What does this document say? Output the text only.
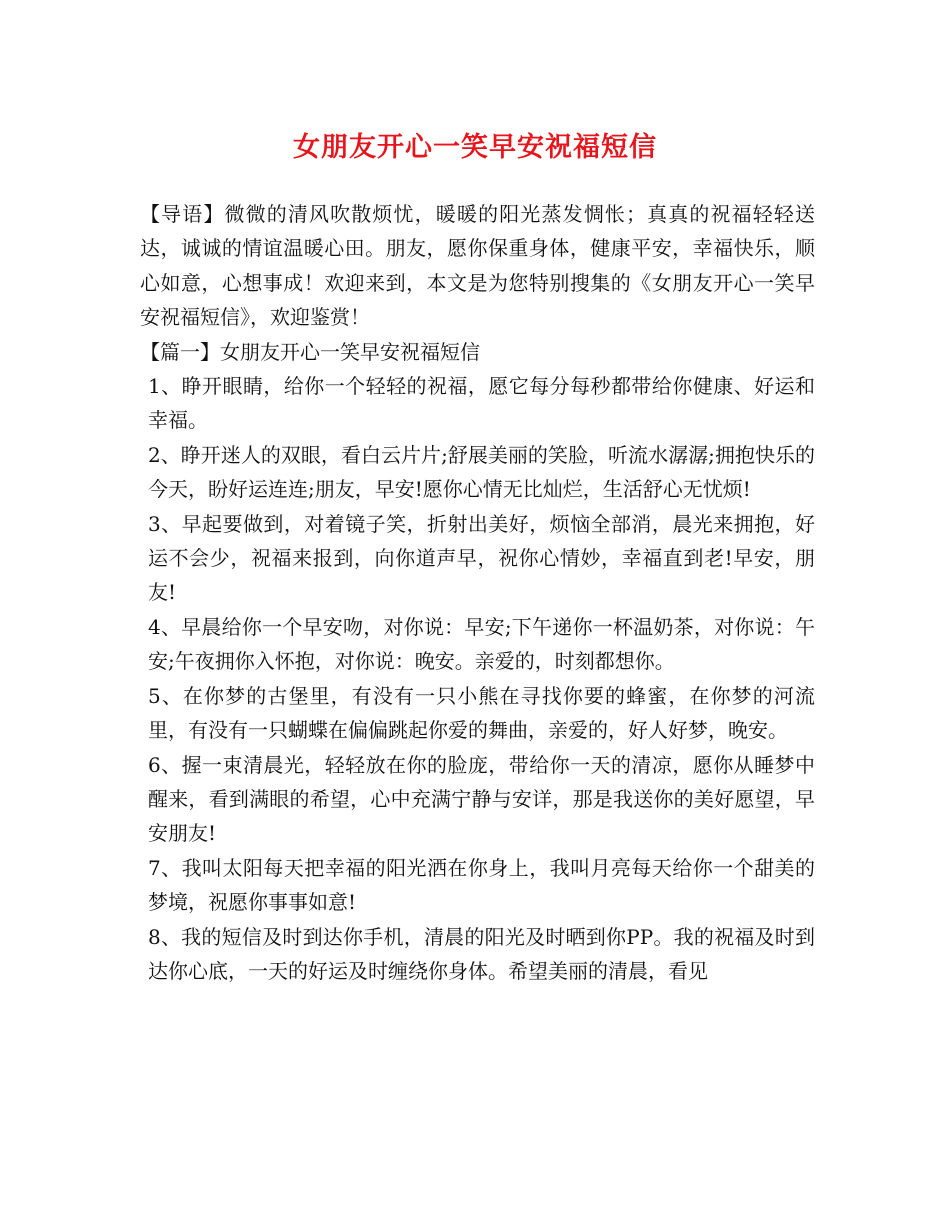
女朋友开心一笑早安祝福短信

【导语】微微的清风吹散烦忧，暖暖的阳光蒸发惆怅；真真的祝福轻轻送达，诚诚的情谊温暖心田。朋友，愿你保重身体，健康平安，幸福快乐，顺心如意，心想事成！欢迎来到，本文是为您特别搜集的《女朋友开心一笑早安祝福短信》，欢迎鉴赏！

【篇一】女朋友开心一笑早安祝福短信

1、睁开眼睛，给你一个轻轻的祝福，愿它每分每秒都带给你健康、好运和幸福。

2、睁开迷人的双眼，看白云片片;舒展美丽的笑脸，听流水潺潺;拥抱快乐的今天，盼好运连连;朋友，早安!愿你心情无比灿烂，生活舒心无忧烦!

3、早起要做到，对着镜子笑，折射出美好，烦恼全部消，晨光来拥抱，好运不会少，祝福来报到，向你道声早，祝你心情妙，幸福直到老!早安，朋友!

4、早晨给你一个早安吻，对你说：早安;下午递你一杯温奶茶，对你说：午安;午夜拥你入怀抱，对你说：晚安。亲爱的，时刻都想你。

5、在你梦的古堡里，有没有一只小熊在寻找你要的蜂蜜，在你梦的河流里，有没有一只蝴蝶在偏偏跳起你爱的舞曲，亲爱的，好人好梦，晚安。

6、握一束清晨光，轻轻放在你的脸庞，带给你一天的清凉，愿你从睡梦中醒来，看到满眼的希望，心中充满宁静与安详，那是我送你的美好愿望，早安朋友!

7、我叫太阳每天把幸福的阳光洒在你身上，我叫月亮每天给你一个甜美的梦境，祝愿你事事如意!

8、我的短信及时到达你手机，清晨的阳光及时晒到你PP。我的祝福及时到达你心底，一天的好运及时缠绕你身体。希望美丽的清晨，看见
